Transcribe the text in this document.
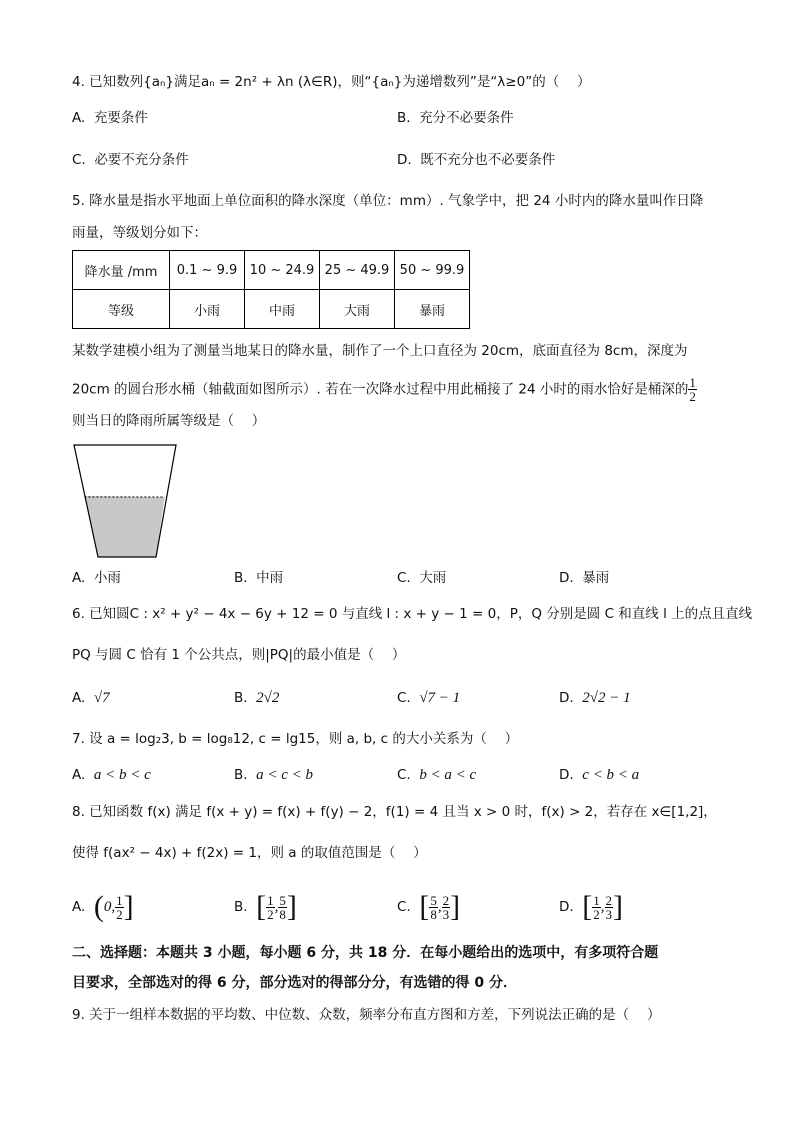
4. 已知数列{aₙ}满足aₙ = 2n² + λn (λ∈R)，则“{aₙ}为递增数列”是“λ≥0”的（　 ）
A. 充要条件	B. 充分不必要条件
C. 必要不充分条件	D. 既不充分也不必要条件
5. 降水量是指水平地面上单位面积的降水深度（单位：mm）. 气象学中，把 24 小时内的降水量叫作日降
雨量，等级划分如下：
降水量 /mm	0.1 ~ 9.9	10 ~ 24.9	25 ~ 49.9	50 ~ 99.9
等级	小雨	中雨	大雨	暴雨
某数学建模小组为了测量当地某日的降水量，制作了一个上口直径为 20cm，底面直径为 8cm，深度为
20cm 的圆台形水桶（轴截面如图所示）. 若在一次降水过程中用此桶接了 24 小时的雨水恰好是桶深的 $\frac{1}{2}$
则当日的降雨所属等级是（　 ）
A. 小雨	B. 中雨	C. 大雨	D. 暴雨
6. 已知圆C : x² + y² − 4x − 6y + 12 = 0 与直线 l : x + y − 1 = 0，P，Q 分别是圆 C 和直线 l 上的点且直线
PQ 与圆 C 恰有 1 个公共点，则|PQ|的最小值是（　 ）
A. √7	B. 2√2	C. √7 − 1	D. 2√2 − 1
7. 设 a = log₂3, b = log₈12, c = lg15，则 a, b, c 的大小关系为（　 ）
A. a < b < c	B. a < c < b	C. b < a < c	D. c < b < a
8. 已知函数 f(x) 满足 f(x + y) = f(x) + f(y) − 2，f(1) = 4 且当 x > 0 时，f(x) > 2，若存在 x∈[1,2]，
使得 f(ax² − 4x) + f(2x) = 1，则 a 的取值范围是（　 ）
A. (0, $\frac{1}{2}$ ]	B. [ $\frac{1}{2}$ , $\frac{5}{8}$ ]	C. [ $\frac{5}{8}$ , $\frac{2}{3}$ ]	D. [ $\frac{1}{2}$ , $\frac{2}{3}$ ]
二、选择题：本题共 3 小题，每小题 6 分，共 18 分．在每小题给出的选项中，有多项符合题
目要求，全部选对的得 6 分，部分选对的得部分分，有选错的得 0 分．
9. 关于一组样本数据的平均数、中位数、众数，频率分布直方图和方差，下列说法正确的是（　 ）
